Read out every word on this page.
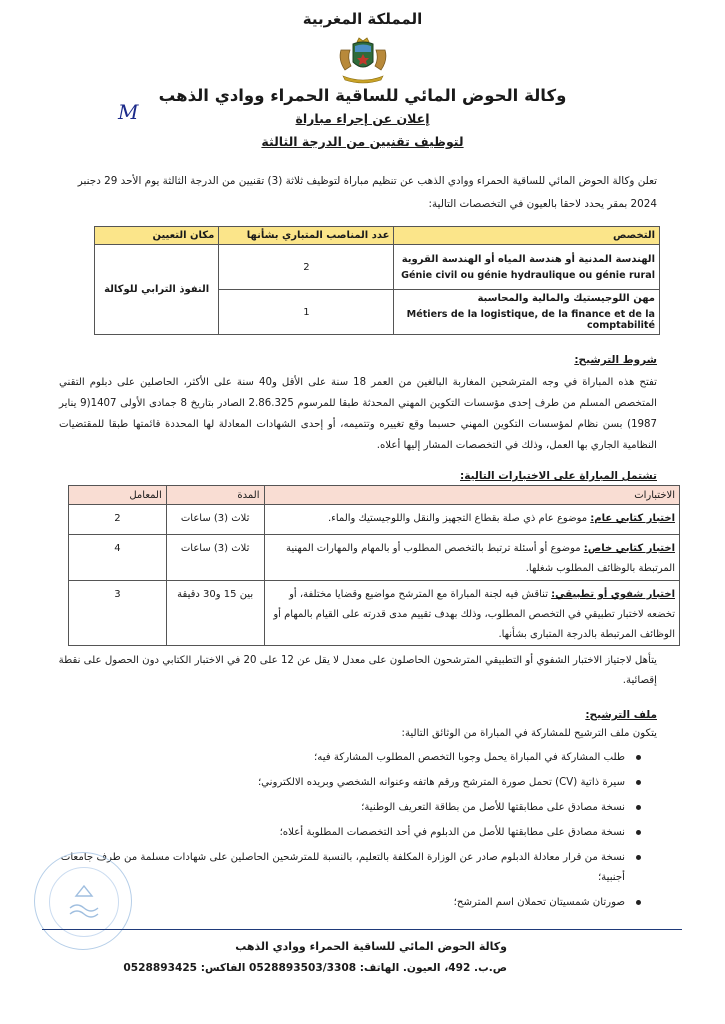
المملكة المغربية
وكالة الحوض المائي للساقية الحمراء ووادي الذهب
M	إعلان عن إجراء مباراة
لتوظيف تقنيين من الدرجة الثالثة
تعلن وكالة الحوض المائي للساقية الحمراء ووادي الذهب عن تنظيم مباراة لتوظيف ثلاثة (3) تقنيين من الدرجة الثالثة يوم الأحد 29 دجنبر 2024 بمقر يحدد لاحقا بالعيون في التخصصات التالية:
التخصص	عدد المناصب المتباري بشأنها	مكان التعيين

الهندسة المدنية أو هندسة المياه أو الهندسة القروية
Génie civil ou génie hydraulique ou génie rural	2	النفوذ الترابي للوكالة

مهن اللوجيستيك والمالية والمحاسبة
Métiers de la logistique, de la finance et de la comptabilité	1	
شروط الترشيح:
تفتح هذه المباراة في وجه المترشحين المغاربة البالغين من العمر 18 سنة على الأقل و40 سنة على الأكثر، الحاصلين على دبلوم التقني المتخصص المسلم من طرف إحدى مؤسسات التكوين المهني المحدثة طبقا للمرسوم 2.86.325 الصادر بتاريخ 8 جمادى الأولى 1407(9 يناير 1987) بسن نظام لمؤسسات التكوين المهني حسبما وقع تغييره وتتميمه، أو إحدى الشهادات المعادلة لها المحددة قائمتها طبقا للمقتضيات النظامية الجاري بها العمل، وذلك في التخصصات المشار إليها أعلاه.
تشتمل المباراة على الاختبارات التالية:
الاختبارات	المدة	المعامل
اختبار كتابي عام: موضوع عام ذي صلة بقطاع التجهيز والنقل واللوجيستيك والماء.	ثلاث (3) ساعات	2
اختبار كتابي خاص: موضوع أو أسئلة ترتبط بالتخصص المطلوب أو بالمهام والمهارات المهنية المرتبطة بالوظائف المطلوب شغلها.	ثلاث (3) ساعات	4
اختبار شفوي أو تطبيقي: تناقش فيه لجنة المباراة مع المترشح مواضيع وقضايا مختلفة، أو تخضعه لاختبار تطبيقي في التخصص المطلوب، وذلك بهدف تقييم مدى قدرته على القيام بالمهام أو الوظائف المرتبطة بالدرجة المتبارى بشأنها.	بين 15 و30 دقيقة	3
يتأهل لاجتياز الاختبار الشفوي أو التطبيقي المترشحون الحاصلون على معدل لا يقل عن 12 على 20 في الاختبار الكتابي دون الحصول على نقطة إقصائية.
ملف الترشيح:
يتكون ملف الترشيح للمشاركة في المباراة من الوثائق التالية:
طلب المشاركة في المباراة يحمل وجوبا التخصص المطلوب المشاركة فيه؛
سيرة ذاتية (CV) تحمل صورة المترشح ورقم هاتفه وعنوانه الشخصي وبريده الالكتروني؛
نسخة مصادق على مطابقتها للأصل من بطاقة التعريف الوطنية؛
نسخة مصادق على مطابقتها للأصل من الدبلوم في أحد التخصصات المطلوبة أعلاه؛
نسخة من قرار معادلة الدبلوم صادر عن الوزارة المكلفة بالتعليم، بالنسبة للمترشحين الحاصلين على شهادات مسلمة من طرف جامعات أجنبية؛
صورتان شمسيتان تحملان اسم المترشح؛
وكالة الحوض المائي للساقية الحمراء ووادي الذهب
ص.ب. 492، العيون. الهاتف: 0528893503/3308 الفاكس: 0528893425
